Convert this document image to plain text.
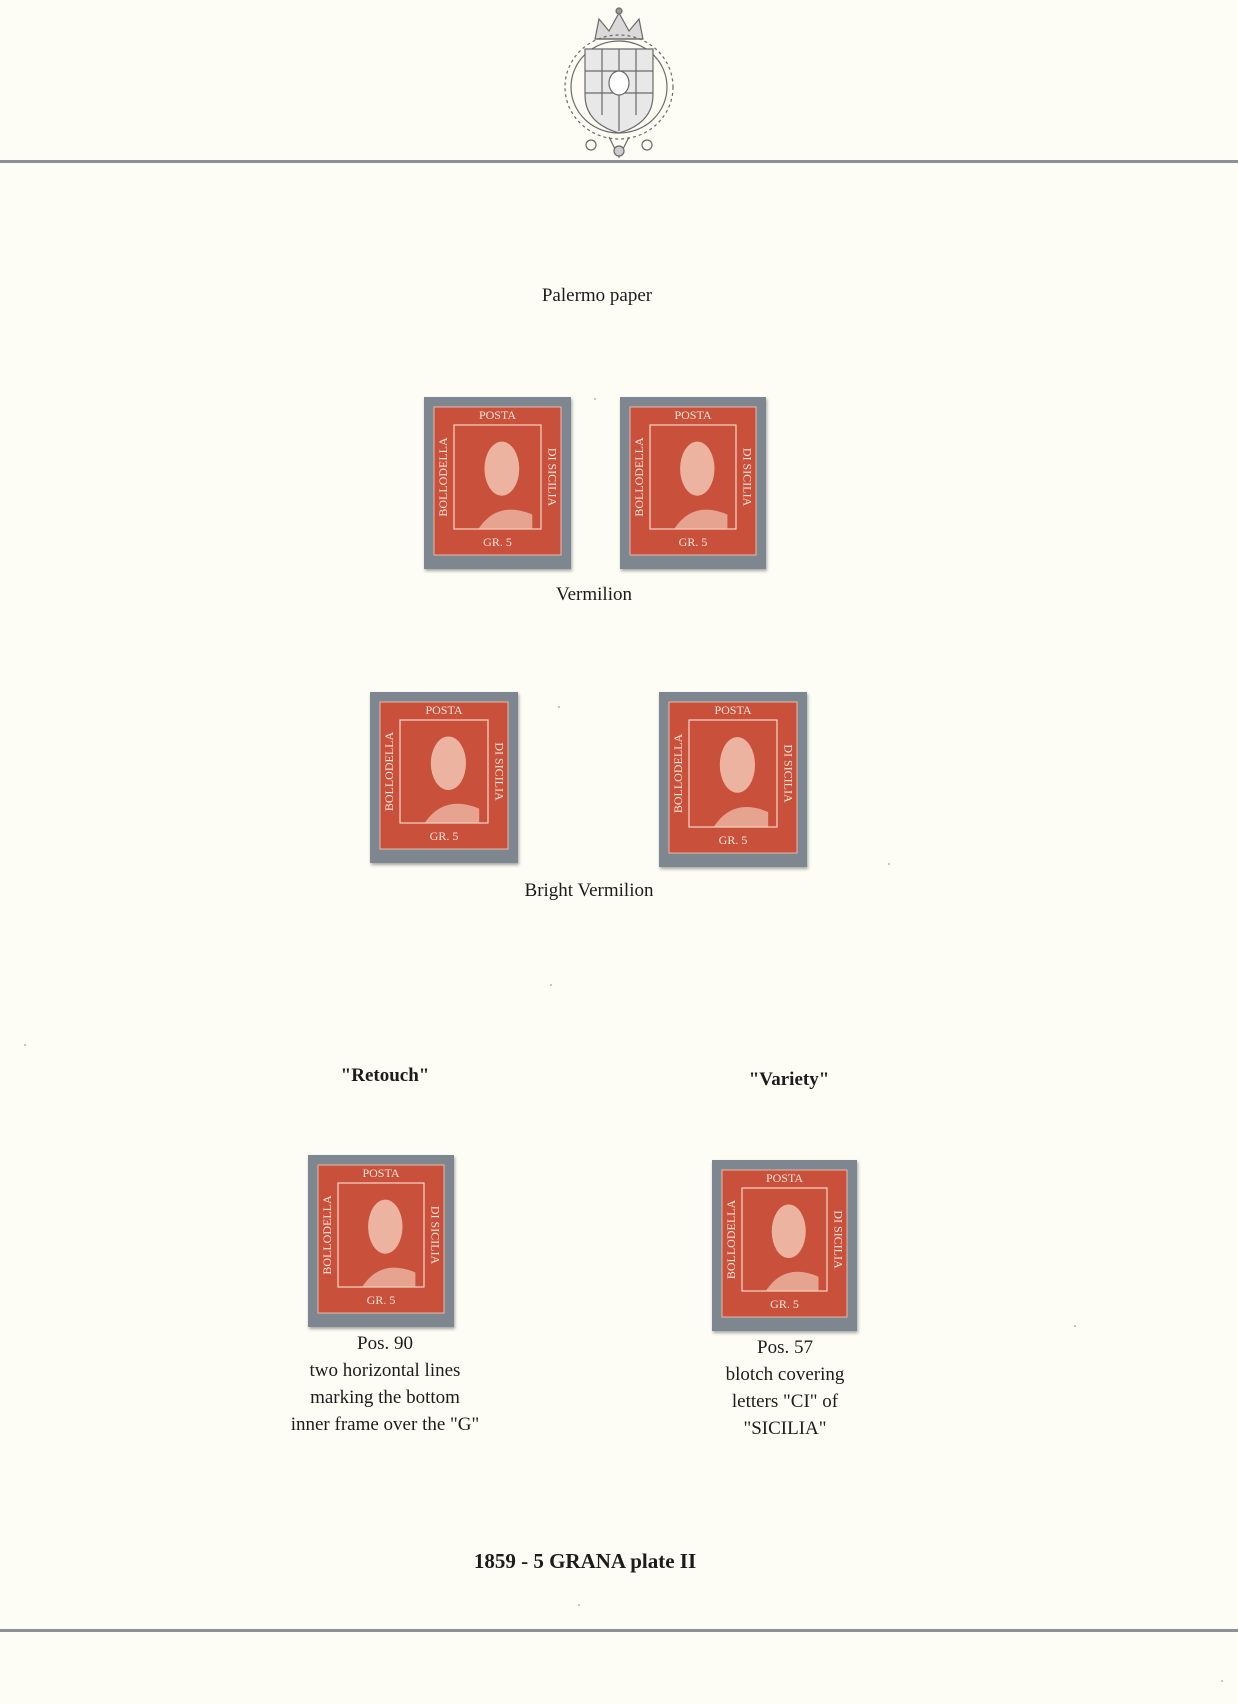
Palermo paper
POSTA
BOLLODELLA	DI SICILIA
GR. 5
POSTA
BOLLODELLA	DI SICILIA
GR. 5
Vermilion
POSTA
BOLLODELLA	DI SICILIA
GR. 5
POSTA
BOLLODELLA	DI SICILIA
GR. 5
Bright Vermilion
"Retouch"	"Variety"
POSTA
BOLLODELLA	DI SICILIA
GR. 5
POSTA
BOLLODELLA	DI SICILIA
GR. 5
Pos. 90
two horizontal lines
marking the bottom
inner frame over the "G"
Pos. 57
blotch covering
letters "CI" of
"SICILIA"
1859 - 5 GRANA plate II
